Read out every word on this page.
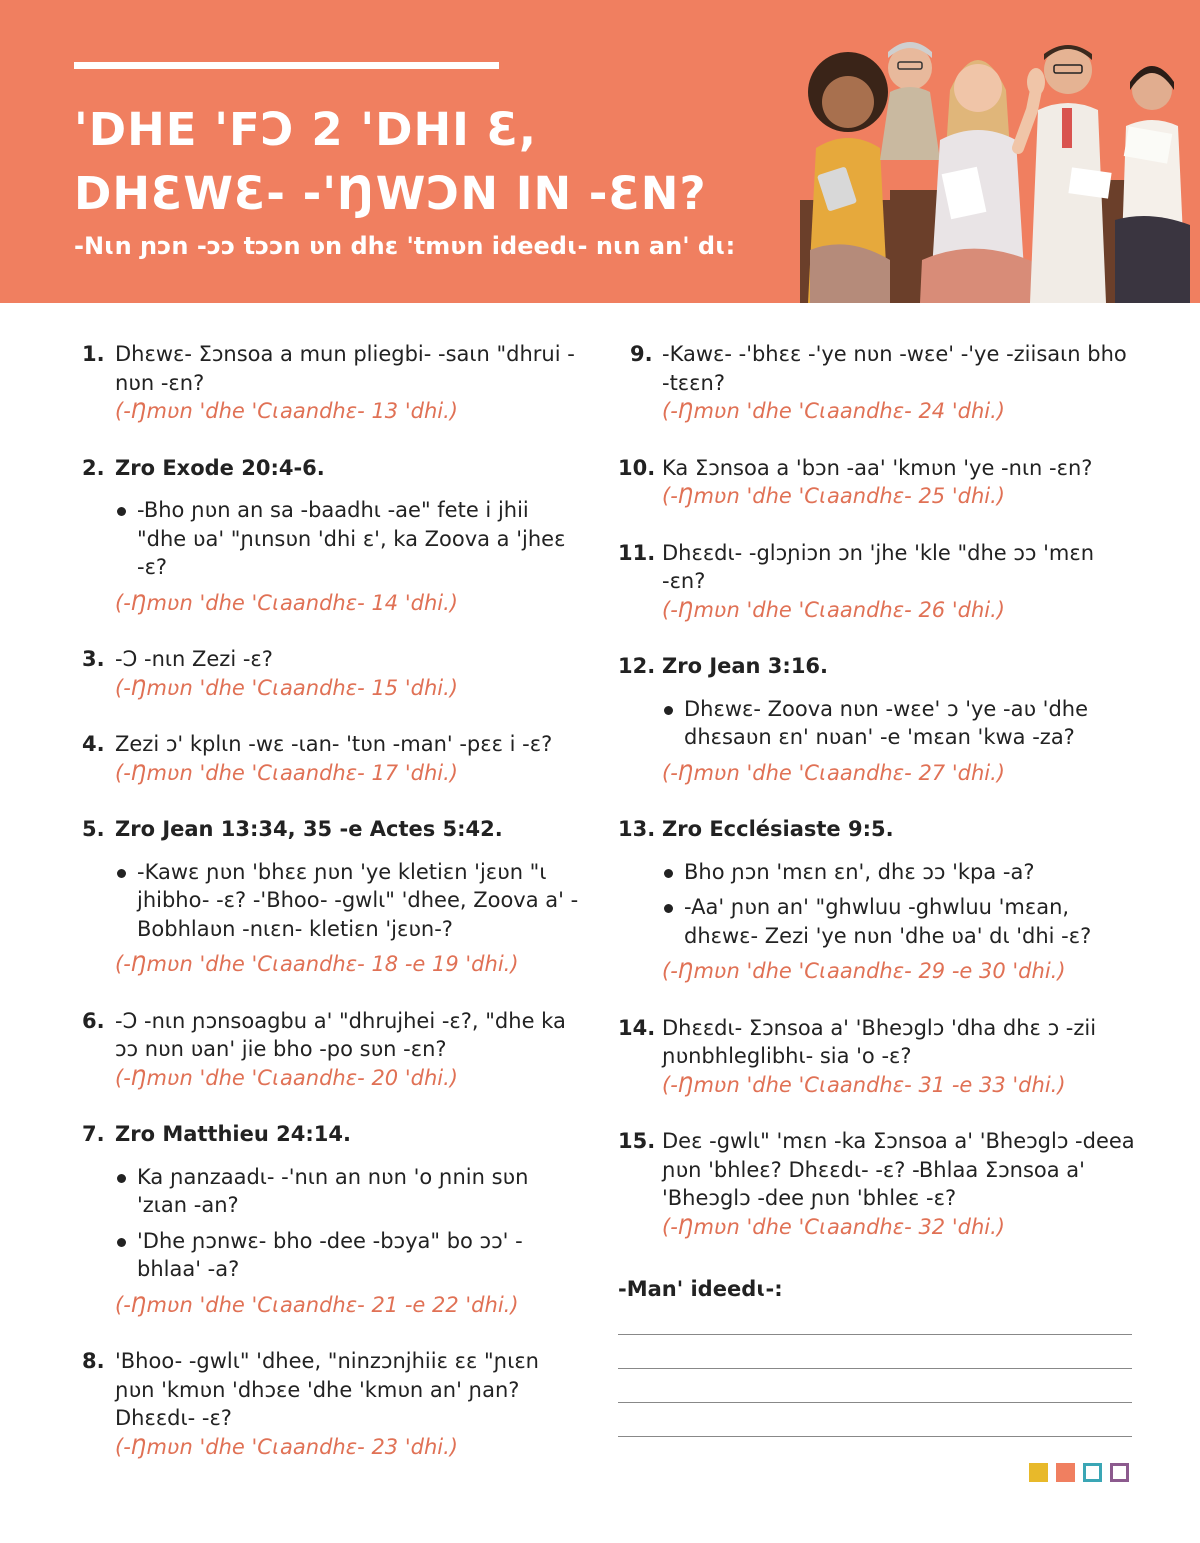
'DHE 'FƆ 2 'DHI Ɛ,
DHƐWƐ- -'ŊWƆN IN -ƐN?
-Nɩn ɲɔn -ɔɔ tɔɔn ʋn dhɛ 'tmʋn ideedɩ- nɩn an' dɩ:
1. Dhɛwɛ- Ʃɔnsoa a mun pliegbi- -saɩn "dhrui -nʋn -ɛn?
(-Ŋmʋn 'dhe 'Cɩaandhɛ- 13 'dhi.)
2. Zro Exode 20:4-6.
-Bho ɲʋn an sa -baadhɩ -ae" fete i jhii "dhe ʋa' "ɲɩnsʋn 'dhi ɛ', ka Zoova a 'jheɛ -ɛ?
(-Ŋmʋn 'dhe 'Cɩaandhɛ- 14 'dhi.)
3. -Ɔ -nɩn Zezi -ɛ?
(-Ŋmʋn 'dhe 'Cɩaandhɛ- 15 'dhi.)
4. Zezi ɔ' kplɩn -wɛ -ɩan- 'tʋn -man' -pɛɛ i -ɛ?
(-Ŋmʋn 'dhe 'Cɩaandhɛ- 17 'dhi.)
5. Zro Jean 13:34, 35 -e Actes 5:42.
-Kawɛ ɲʋn 'bhɛɛ ɲʋn 'ye kletiɛn 'jɛʋn "ɩ jhibho- -ɛ? -'Bhoo- -gwlɩ" 'dhee, Zoova a' -Bobhlaʋn -nɩɛn- kletiɛn 'jɛʋn-?
(-Ŋmʋn 'dhe 'Cɩaandhɛ- 18 -e 19 'dhi.)
6. -Ɔ -nɩn ɲɔnsoagbu a' "dhrujhei -ɛ?, "dhe ka ɔɔ nʋn ʋan' jie bho -po sʋn -ɛn?
(-Ŋmʋn 'dhe 'Cɩaandhɛ- 20 'dhi.)
7. Zro Matthieu 24:14.
Ka ɲanzaadɩ- -'nɩn an nʋn 'o ɲnin sʋn 'zɩan -an?
'Dhe ɲɔnwɛ- bho -dee -bɔya" bo ɔɔ' -bhlaa' -a?
(-Ŋmʋn 'dhe 'Cɩaandhɛ- 21 -e 22 'dhi.)
8. 'Bhoo- -gwlɩ" 'dhee, "ninzɔnjhiiɛ ɛɛ "ɲɩɛn ɲʋn 'kmʋn 'dhɔɛe 'dhe 'kmʋn an' ɲan? Dhɛɛdɩ- -ɛ?
(-Ŋmʋn 'dhe 'Cɩaandhɛ- 23 'dhi.)
9. -Kawɛ- -'bhɛɛ -'ye nʋn -wɛe' -'ye -ziisaɩn bho -tɛɛn?
(-Ŋmʋn 'dhe 'Cɩaandhɛ- 24 'dhi.)
10. Ka Ʃɔnsoa a 'bɔn -aa' 'kmʋn 'ye -nɩn -ɛn?
(-Ŋmʋn 'dhe 'Cɩaandhɛ- 25 'dhi.)
11. Dhɛɛdɩ- -glɔɲiɔn ɔn 'jhe 'kle "dhe ɔɔ 'mɛn -ɛn?
(-Ŋmʋn 'dhe 'Cɩaandhɛ- 26 'dhi.)
12. Zro Jean 3:16.
Dhɛwɛ- Zoova nʋn -wɛe' ɔ 'ye -aʋ 'dhe dhɛsaʋn ɛn' nʋan' -e 'mɛan 'kwa -za?
(-Ŋmʋn 'dhe 'Cɩaandhɛ- 27 'dhi.)
13. Zro Ecclésiaste 9:5.
Bho ɲɔn 'mɛn ɛn', dhɛ ɔɔ 'kpa -a?
-Aa' ɲʋn an' "ghwluu -ghwluu 'mɛan, dhɛwɛ- Zezi 'ye nʋn 'dhe ʋa' dɩ 'dhi -ɛ?
(-Ŋmʋn 'dhe 'Cɩaandhɛ- 29 -e 30 'dhi.)
14. Dhɛɛdɩ- Ʃɔnsoa a' 'Bheɔglɔ 'dha dhɛ ɔ -zii ɲʋnbhleglibhɩ- sia 'o -ɛ?
(-Ŋmʋn 'dhe 'Cɩaandhɛ- 31 -e 33 'dhi.)
15. Deɛ -gwlɩ" 'mɛn -ka Ʃɔnsoa a' 'Bheɔglɔ -deea ɲʋn 'bhleɛ? Dhɛɛdɩ- -ɛ? -Bhlaa Ʃɔnsoa a' 'Bheɔglɔ -dee ɲʋn 'bhleɛ -ɛ?
(-Ŋmʋn 'dhe 'Cɩaandhɛ- 32 'dhi.)
-Man' ideedɩ-:
